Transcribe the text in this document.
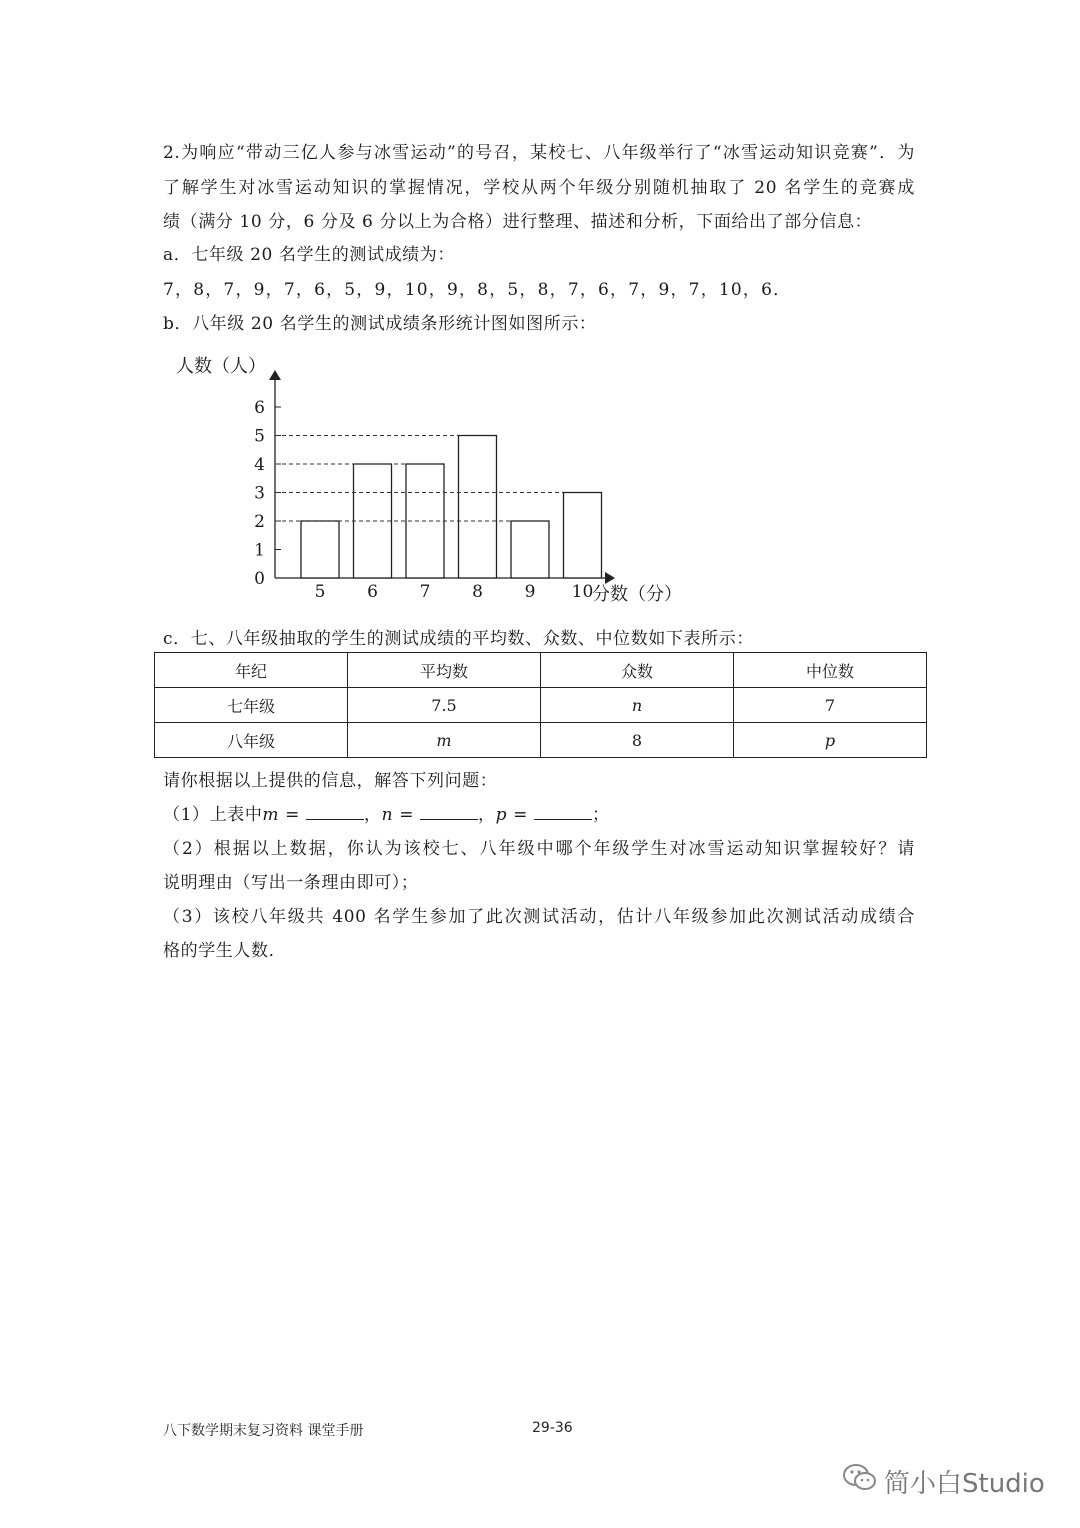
2.为响应“带动三亿人参与冰雪运动”的号召，某校七、八年级举行了“冰雪运动知识竞赛”．为
了解学生对冰雪运动知识的掌握情况，学校从两个年级分别随机抽取了 20 名学生的竞赛成
绩（满分 10 分，6 分及 6 分以上为合格）进行整理、描述和分析，下面给出了部分信息：
a．七年级 20 名学生的测试成绩为：
7，8，7，9，7，6，5，9，10，9，8，5，8，7，6，7，9，7，10，6．
b．八年级 20 名学生的测试成绩条形统计图如图所示：
0
1
2
3
4
5
6
5 6 7 8 9 10
人数（人）
分数（分）
c．七、八年级抽取的学生的测试成绩的平均数、众数、中位数如下表所示：
年纪	平均数	众数	中位数
七年级	7.5	n	7
八年级	m	8	p
请你根据以上提供的信息，解答下列问题：
（1）上表中m =	，n =	，p =	；
（2）根据以上数据，你认为该校七、八年级中哪个年级学生对冰雪运动知识掌握较好？请
说明理由（写出一条理由即可）；
（3）该校八年级共 400 名学生参加了此次测试活动，估计八年级参加此次测试活动成绩合
格的学生人数．
八下数学期末复习资料 课堂手册	29-36
简小白Studio
